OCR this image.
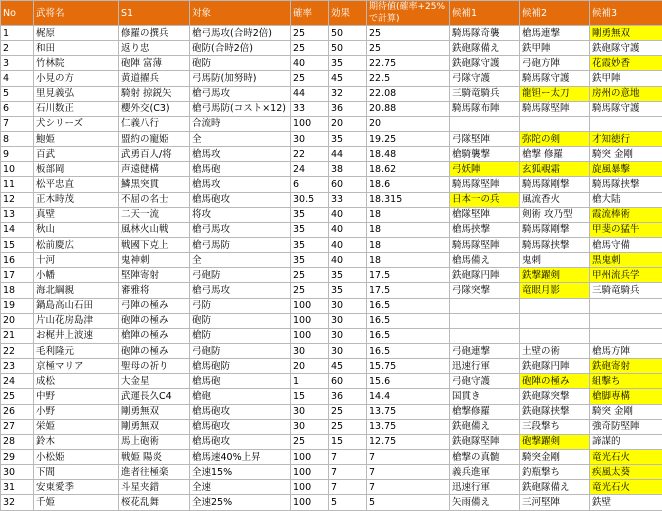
No	武将名	S1	対象	確率	効果	期待値(確率+25%で計算)	候補1	候補2	候補3
1	梶原	修羅の撰兵	槍弓馬攻(合時2倍)	25	50	25	騎馬隊奇襲	槍馬連撃	剛勇無双
2	和田	返り忠	砲防(合時2倍)	25	50	25	鉄砲隊備え	鉄甲陣	鉄砲隊守護
3	竹林院	砲陣 富薄	砲防	40	35	22.75	鉄砲隊守護	弓砲方陣	花霞妙香
4	小見の方	黄道擢兵	弓馬防(加努時)	25	45	22.5	弓隊守護	騎馬隊守護	鉄甲陣
5	里見義弘	騎射 掠鋭矢	槍弓馬攻	44	32	22.08	三騎竜騎兵	龍钽ー太刀	房州の意地
6	石川数正	櫻外交(C3)	槍弓馬防(コスト×12)	33	36	20.88	騎馬隊布陣	騎馬隊堅陣	騎馬隊守護
7	犬シリーズ	仁義八行	合流時	100	20	20			
8	鮑姫	盟約の寵姫	全	30	35	19.25	弓隊堅陣	弥陀の剣	才知徳行
9	百武	武勇百人/将	槍馬攻	22	44	18.48	槍騎襲撃	槍撃 修羅	騎突 金剛
10	板部岡	声遠健構	槍馬砲	24	38	18.62	弓妖陣	玄狐覗霜	旋風暴擊
11	松平忠直	鱗黒突貫	槍馬攻	6	60	18.6	騎馬隊堅陣	騎馬隊剛撃	騎馬隊挟撃
12	正木時茂	不屈の名士	槍馬砲攻	30.5	33	18.315	日本一の兵	風流香火	槍大陆
13	真壁	二天一流	将攻	35	40	18	槍隊堅陣	剣術 攻乃型	霞流棒術
14	秋山	風林火山戦	槍弓馬攻	35	40	18	槍馬挟撃	騎馬隊剛撃	甲斐の猛牛
15	松前慶広	戦國下克上	槍弓馬防	35	40	18	騎馬隊堅陣	騎馬隊挟撃	槍馬守備
16	十河	鬼神刺	全	35	40	18	槍馬備え	鬼刺	黒鬼刺
17	小幡	堅陣寄射	弓砲防	25	35	17.5	鉄砲隊円陣	鉄撃躍剣	甲州流兵学
18	海北綱親	審雅将	槍弓馬攻	25	35	17.5	弓隊突撃	竜眼月影	三騎竜騎兵
19	鍋島高山石田	弓陣の極み	弓防	100	30	16.5			
20	片山花房島津	砲陣の極み	砲防	100	30	16.5			
21	お梶井上波速	槍陣の極み	槍防	100	30	16.5			
22	毛利隆元	砲陣の極み	弓砲防	30	30	16.5	弓砲連撃	土壁の術	槍馬方陣
23	京極マリア	聖母の祈り	槍馬砲防	20	45	15.75	迅速行軍	鉄砲隊円陣	鉄砲寄射
24	成松	大金星	槍馬砲	1	60	15.6	弓砲守護	砲陣の極み	組擊ち
25	中野	武運長久C4	槍砲	15	36	14.4	国貫き	鉄砲隊突撃	槍脚専構
26	小野	剛勇無双	槍馬砲攻	30	25	13.75	槍撃修羅	鉄砲隊挟撃	騎突 金剛
27	栄姫	剛勇無双	槍馬砲攻	30	25	13.75	鉄砲備え	三段撃ち	強奇防堅陣
28	鈴木	馬上砲術	槍馬砲攻	25	15	12.75	鉄砲隊堅陣	砲撃躍剣	諦謀的
29	小松姫	戦姫 陽炎	槍馬速40%上昇	100	7	7	槍撃の真髄	騎突金剛	竜光石火
30	下間	進者往極楽	全速15%	100	7	7	義兵進軍	釣瓶撃ち	疾風太葵
31	安東愛季	斗星夹錯	全速	100	7	7	迅速行軍	鉄砲隊備え	竜光石火
32	千姫	桜花乱舞	全速25%	100	5	5	矢雨備え	三河堅陣	鉄壁
